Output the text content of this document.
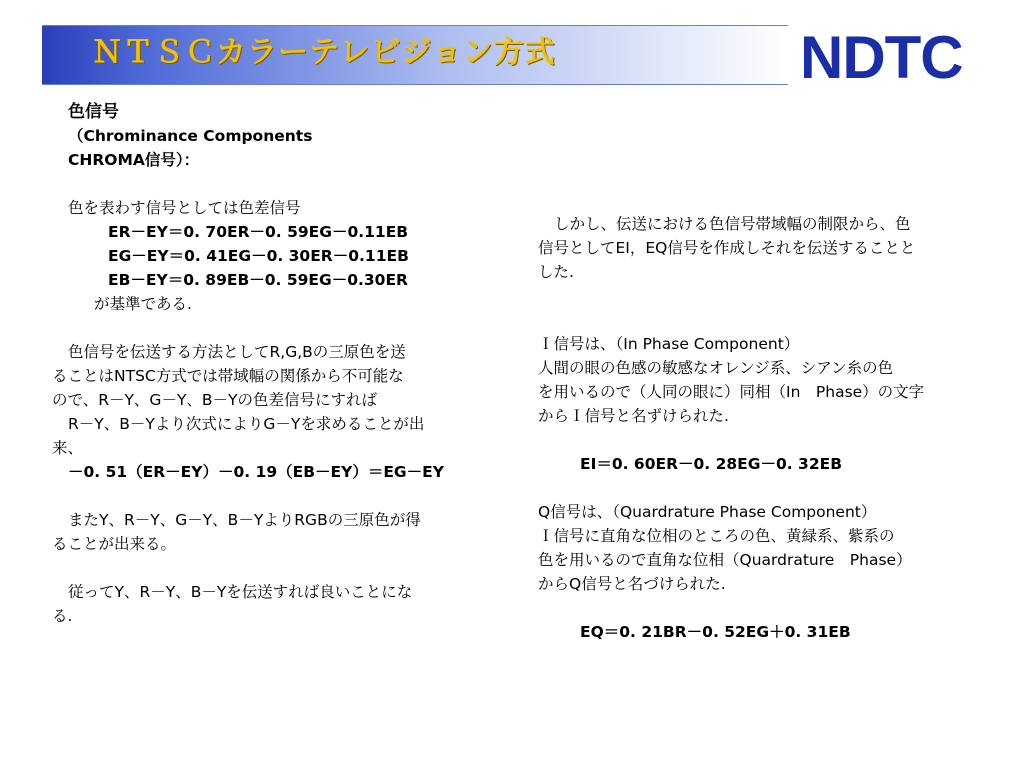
ＮＴＳＣカラーテレビジョン方式	NDTC
色信号
（Chrominance Components
CHROMA信号）：
色を表わす信号としては色差信号
ER－EY＝0. 70ER－0. 59EG－0.11EB
EG－EY＝0. 41EG－0. 30ER－0.11EB
EB－EY＝0. 89EB－0. 59EG－0.30ER
が基準である.
色信号を伝送する方法としてR,G,Bの三原色を送
ることはNTSC方式では帯域幅の関係から不可能な
ので、R－Y、G－Y、B－Yの色差信号にすれば
R－Y、B－Yより次式によりG－Yを求めることが出
来、
－0. 51（ER－EY）－0. 19（EB－EY）＝EG－EY
またY、R－Y、G－Y、B－YよりRGBの三原色が得
ることが出来る。
従ってY、R－Y、B－Yを伝送すれば良いことにな
る.
しかし、伝送における色信号帯域幅の制限から、色
信号としてEI，EQ信号を作成しそれを伝送することと
した.
Ｉ信号は、（In Phase Component）
人間の眼の色感の敏感なオレンジ系、シアン糸の色
を用いるので（人同の眼に）同相（In　Phase）の文字
からＩ信号と名ずけられた.
EI＝0. 60ER－0. 28EG－0. 32EB
Q信号は、（Quardrature Phase Component）
Ｉ信号に直角な位相のところの色、黄緑系、紫系の
色を用いるので直角な位相（Quardrature　Phase）
からQ信号と名づけられた.
EQ＝0. 21BR－0. 52EG＋0. 31EB
